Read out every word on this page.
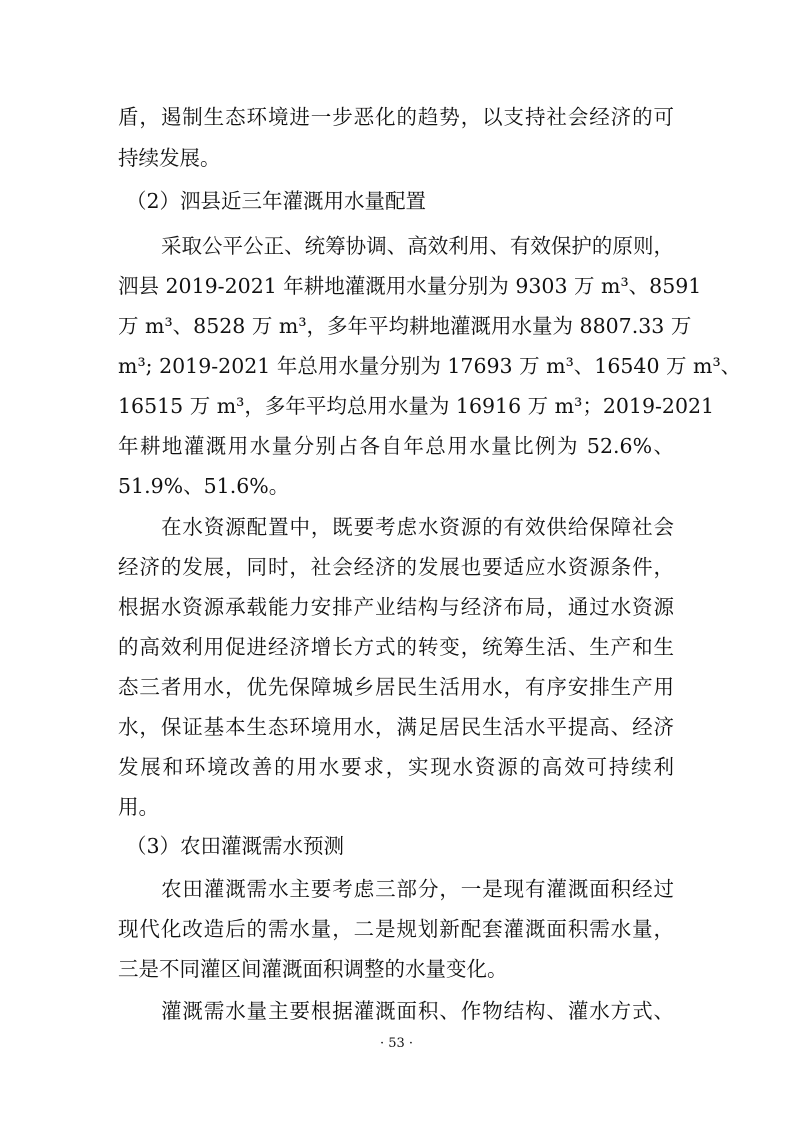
盾，遏制生态环境进一步恶化的趋势，以支持社会经济的可
持续发展。
（2）泗县近三年灌溉用水量配置
采取公平公正、统筹协调、高效利用、有效保护的原则，
泗县 2019-2021 年耕地灌溉用水量分别为 9303 万 m³、8591
万 m³、8528 万 m³，多年平均耕地灌溉用水量为 8807.33 万
m³; 2019-2021 年总用水量分别为 17693 万 m³、16540 万 m³、
16515 万 m³，多年平均总用水量为 16916 万 m³；2019-2021
年耕地灌溉用水量分别占各自年总用水量比例为 52.6%、
51.9%、51.6%。
在水资源配置中，既要考虑水资源的有效供给保障社会
经济的发展，同时，社会经济的发展也要适应水资源条件，
根据水资源承载能力安排产业结构与经济布局，通过水资源
的高效利用促进经济增长方式的转变，统筹生活、生产和生
态三者用水，优先保障城乡居民生活用水，有序安排生产用
水，保证基本生态环境用水，满足居民生活水平提高、经济
发展和环境改善的用水要求，实现水资源的高效可持续利
用。
（3）农田灌溉需水预测
农田灌溉需水主要考虑三部分，一是现有灌溉面积经过
现代化改造后的需水量，二是规划新配套灌溉面积需水量，
三是不同灌区间灌溉面积调整的水量变化。
灌溉需水量主要根据灌溉面积、作物结构、灌水方式、
· 53 ·
